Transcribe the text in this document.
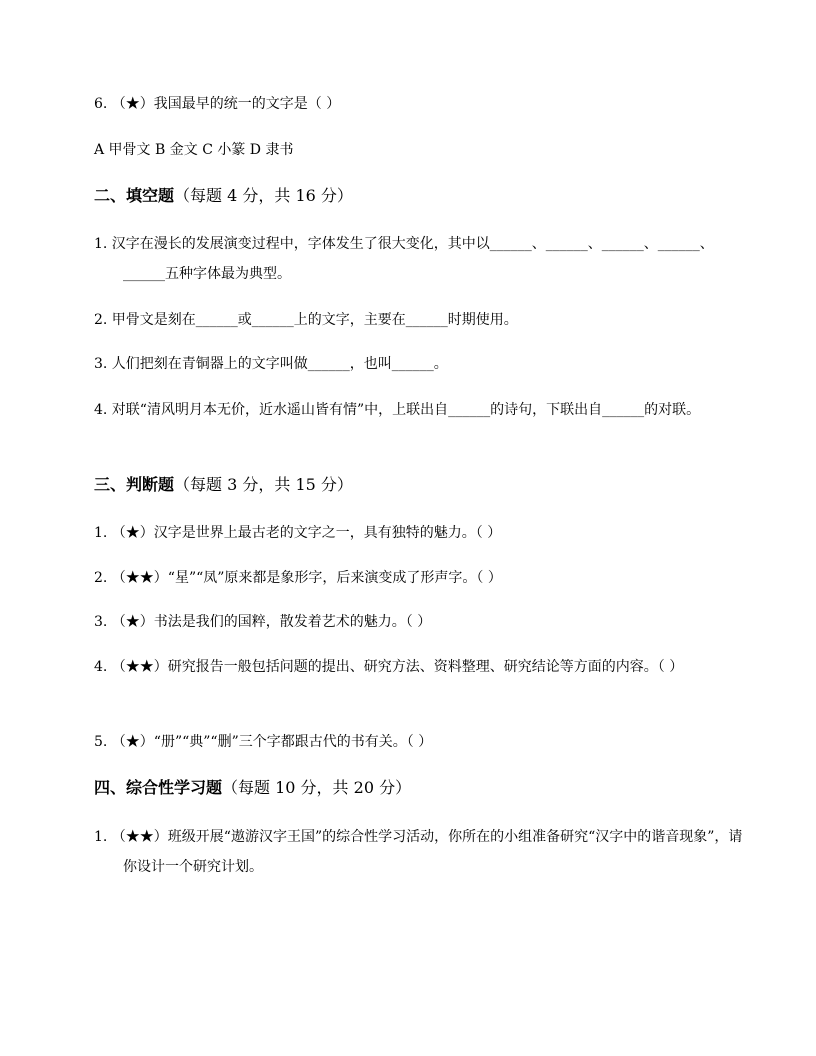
6. （★）我国最早的统一的文字是（ ）
A 甲骨文 B 金文 C 小篆 D 隶书
二、填空题（每题 4 分，共 16 分）
1. 汉字在漫长的发展演变过程中，字体发生了很大变化，其中以______、______、______、______、______五种字体最为典型。
2. 甲骨文是刻在______或______上的文字，主要在______时期使用。
3. 人们把刻在青铜器上的文字叫做______，也叫______。
4. 对联“清风明月本无价，近水遥山皆有情”中，上联出自______的诗句，下联出自______的对联。
三、判断题（每题 3 分，共 15 分）
1. （★）汉字是世界上最古老的文字之一，具有独特的魅力。（ ）
2. （★★）“星”“凤”原来都是象形字，后来演变成了形声字。（ ）
3. （★）书法是我们的国粹，散发着艺术的魅力。（ ）
4. （★★）研究报告一般包括问题的提出、研究方法、资料整理、研究结论等方面的内容。（ ）
5. （★）“册”“典”“删”三个字都跟古代的书有关。（ ）
四、综合性学习题（每题 10 分，共 20 分）
1. （★★）班级开展“遨游汉字王国”的综合性学习活动，你所在的小组准备研究“汉字中的谐音现象”，请你设计一个研究计划。
